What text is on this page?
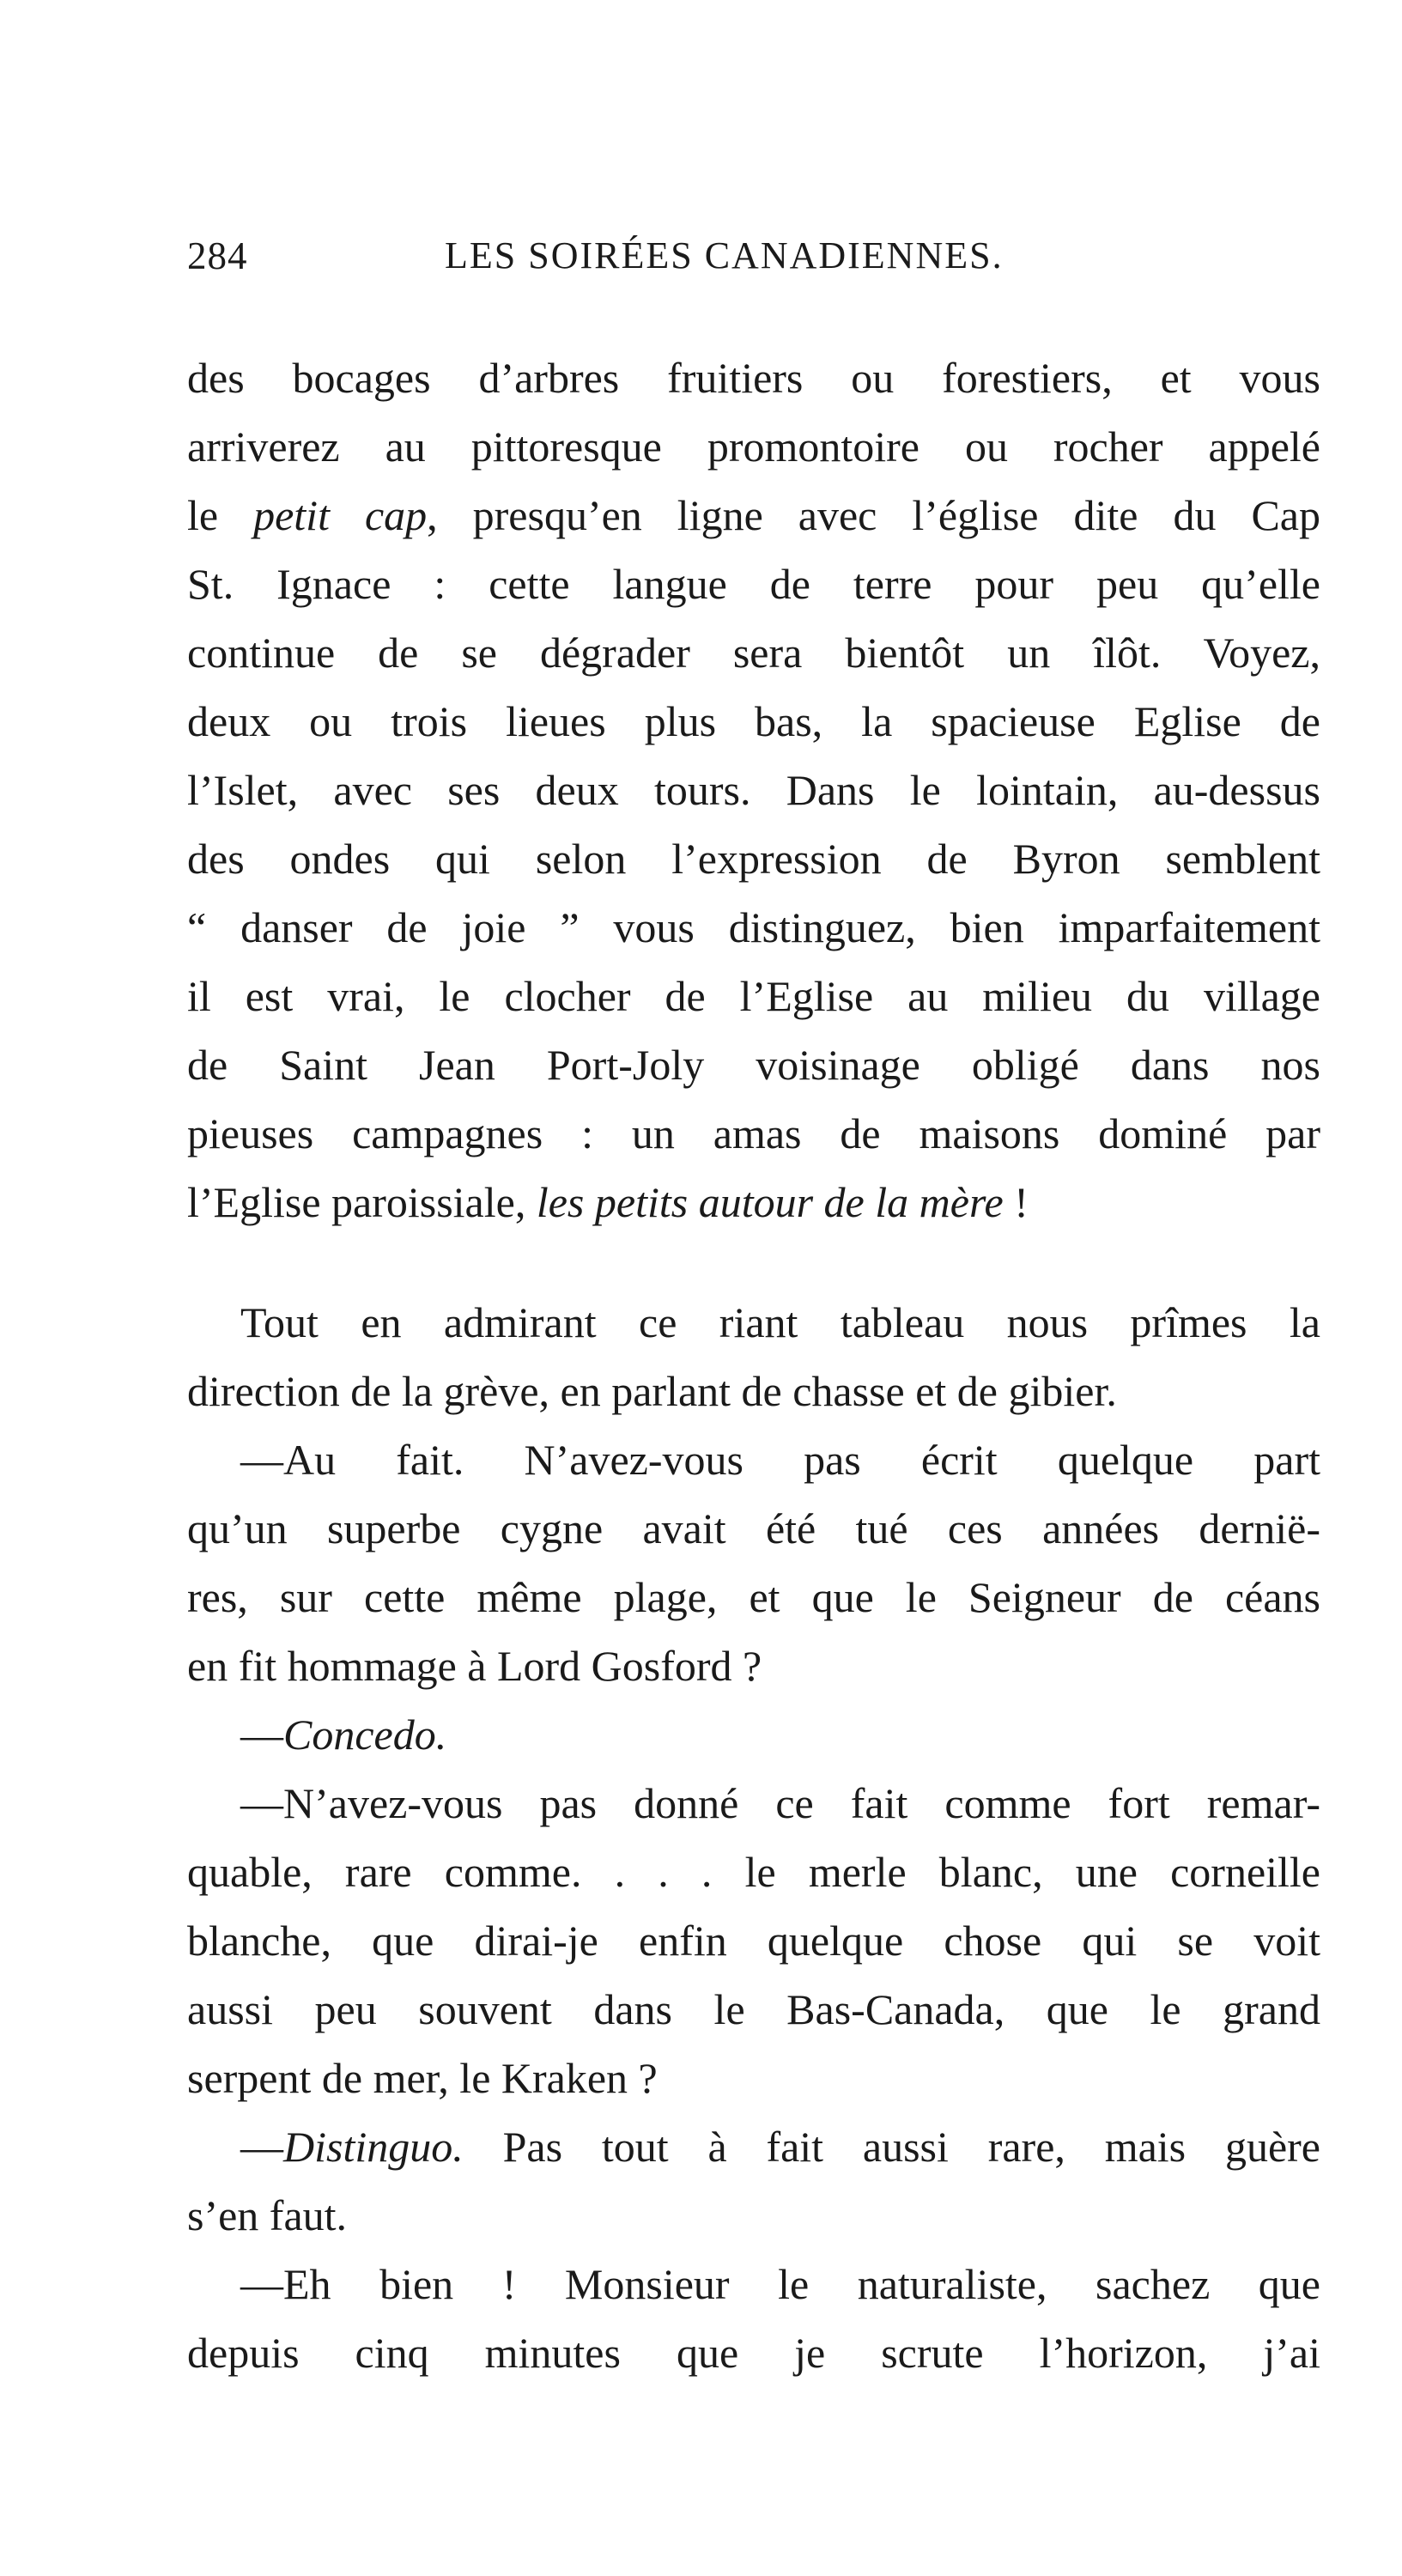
284	LES SOIRÉES CANADIENNES.
des bocages d’arbres fruitiers ou forestiers, et vous
arriverez au pittoresque promontoire ou rocher appelé
le petit cap, presqu’en ligne avec l’église dite du Cap
St. Ignace : cette langue de terre pour peu qu’elle
continue de se dégrader sera bientôt un îlôt. Voyez,
deux ou trois lieues plus bas, la spacieuse Eglise de
l’Islet, avec ses deux tours. Dans le lointain, au-dessus
des ondes qui selon l’expression de Byron semblent
“ danser de joie ” vous distinguez, bien imparfaitement
il est vrai, le clocher de l’Eglise au milieu du village
de Saint Jean Port-Joly voisinage obligé dans nos
pieuses campagnes : un amas de maisons dominé par
l’Eglise paroissiale, les petits autour de la mère !
Tout en admirant ce riant tableau nous prîmes la
direction de la grève, en parlant de chasse et de gibier.
—Au fait. N’avez-vous pas écrit quelque part
qu’un superbe cygne avait été tué ces années dernië-
res, sur cette même plage, et que le Seigneur de céans
en fit hommage à Lord Gosford ?
—Concedo.
—N’avez-vous pas donné ce fait comme fort remar-
quable, rare comme. . . . le merle blanc, une corneille
blanche, que dirai-je enfin quelque chose qui se voit
aussi peu souvent dans le Bas-Canada, que le grand
serpent de mer, le Kraken ?
—Distinguo. Pas tout à fait aussi rare, mais guère
s’en faut.
—Eh bien ! Monsieur le naturaliste, sachez que
depuis cinq minutes que je scrute l’horizon, j’ai
